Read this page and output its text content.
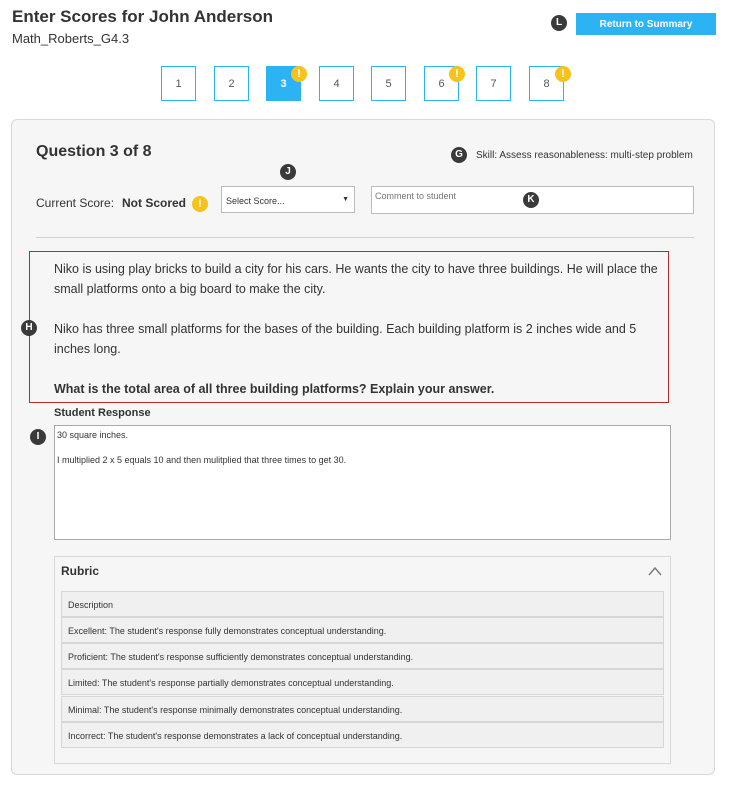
Enter Scores for John Anderson
Math_Roberts_G4.3
L	Return to Summary
1	2	3	4	5	6	7	8
!	!	!
Question 3 of 8	G	Skill: Assess reasonableness: multi-step problem
J
Current Score: Not Scored	!	Select Score...	▼
Comment to student	K
H

Niko is using play bricks to build a city for his cars. He wants the city to have three buildings. He will place the small platforms onto a big board to make the city.

Niko has three small platforms for the bases of the building. Each building platform is 2 inches wide and 5 inches long.

What is the total area of all three building platforms? Explain your answer.

Student Response
I
30 square inches. I multiplied 2 x 5 equals 10 and then mulitplied that three times to get 30.
Rubric
Description
Excellent: The student's response fully demonstrates conceptual understanding.
Proficient: The student's response sufficiently demonstrates conceptual understanding.
Limited: The student's response partially demonstrates conceptual understanding.
Minimal: The student's response minimally demonstrates conceptual understanding.
Incorrect: The student's response demonstrates a lack of conceptual understanding.
